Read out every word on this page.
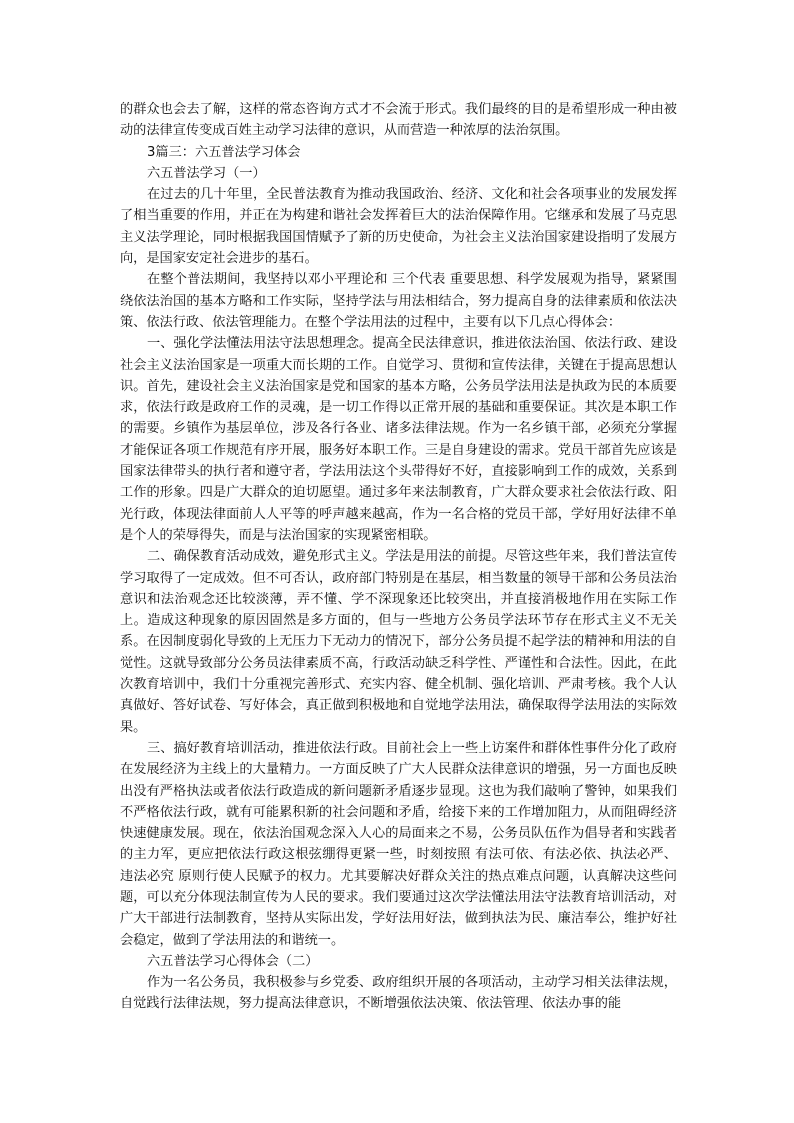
的群众也会去了解，这样的常态咨询方式才不会流于形式。我们最终的目的是希望形成一种由被动的法律宣传变成百姓主动学习法律的意识，从而营造一种浓厚的法治氛围。

3篇三：六五普法学习体会

六五普法学习（一）

在过去的几十年里，全民普法教育为推动我国政治、经济、文化和社会各项事业的发展发挥了相当重要的作用，并正在为构建和谐社会发挥着巨大的法治保障作用。它继承和发展了马克思主义法学理论，同时根据我国国情赋予了新的历史使命，为社会主义法治国家建设指明了发展方向，是国家安定社会进步的基石。

在整个普法期间，我坚持以邓小平理论和 三个代表 重要思想、科学发展观为指导，紧紧围绕依法治国的基本方略和工作实际，坚持学法与用法相结合，努力提高自身的法律素质和依法决策、依法行政、依法管理能力。在整个学法用法的过程中，主要有以下几点心得体会：

一、强化学法懂法用法守法思想理念。提高全民法律意识，推进依法治国、依法行政、建设社会主义法治国家是一项重大而长期的工作。自觉学习、贯彻和宣传法律，关键在于提高思想认识。首先，建设社会主义法治国家是党和国家的基本方略，公务员学法用法是执政为民的本质要求，依法行政是政府工作的灵魂，是一切工作得以正常开展的基础和重要保证。其次是本职工作的需要。乡镇作为基层单位，涉及各行各业、诸多法律法规。作为一名乡镇干部，必须充分掌握才能保证各项工作规范有序开展，服务好本职工作。三是自身建设的需求。党员干部首先应该是国家法律带头的执行者和遵守者，学法用法这个头带得好不好，直接影响到工作的成效，关系到工作的形象。四是广大群众的迫切愿望。通过多年来法制教育，广大群众要求社会依法行政、阳光行政，体现法律面前人人平等的呼声越来越高，作为一名合格的党员干部，学好用好法律不单是个人的荣辱得失，而是与法治国家的实现紧密相联。

二、确保教育活动成效，避免形式主义。学法是用法的前提。尽管这些年来，我们普法宣传学习取得了一定成效。但不可否认，政府部门特别是在基层，相当数量的领导干部和公务员法治意识和法治观念还比较淡薄，弄不懂、学不深现象还比较突出，并直接消极地作用在实际工作上。造成这种现象的原因固然是多方面的，但与一些地方公务员学法环节存在形式主义不无关系。在因制度弱化导致的上无压力下无动力的情况下，部分公务员提不起学法的精神和用法的自觉性。这就导致部分公务员法律素质不高，行政活动缺乏科学性、严谨性和合法性。因此，在此次教育培训中，我们十分重视完善形式、充实内容、健全机制、强化培训、严肃考核。我个人认真做好、答好试卷、写好体会，真正做到积极地和自觉地学法用法，确保取得学法用法的实际效果。

三、搞好教育培训活动，推进依法行政。目前社会上一些上访案件和群体性事件分化了政府在发展经济为主线上的大量精力。一方面反映了广大人民群众法律意识的增强，另一方面也反映出没有严格执法或者依法行政造成的新问题新矛盾逐步显现。这也为我们敲响了警钟，如果我们不严格依法行政，就有可能累积新的社会问题和矛盾，给接下来的工作增加阻力，从而阻碍经济快速健康发展。现在，依法治国观念深入人心的局面来之不易，公务员队伍作为倡导者和实践者的主力军，更应把依法行政这根弦绷得更紧一些，时刻按照 有法可依、有法必依、执法必严、违法必究 原则行使人民赋予的权力。尤其要解决好群众关注的热点难点问题，认真解决这些问题，可以充分体现法制宣传为人民的要求。我们要通过这次学法懂法用法守法教育培训活动，对广大干部进行法制教育，坚持从实际出发，学好法用好法，做到执法为民、廉洁奉公，维护好社会稳定，做到了学法用法的和谐统一。

六五普法学习心得体会（二）

作为一名公务员，我积极参与乡党委、政府组织开展的各项活动，主动学习相关法律法规，自觉践行法律法规，努力提高法律意识，不断增强依法决策、依法管理、依法办事的能
